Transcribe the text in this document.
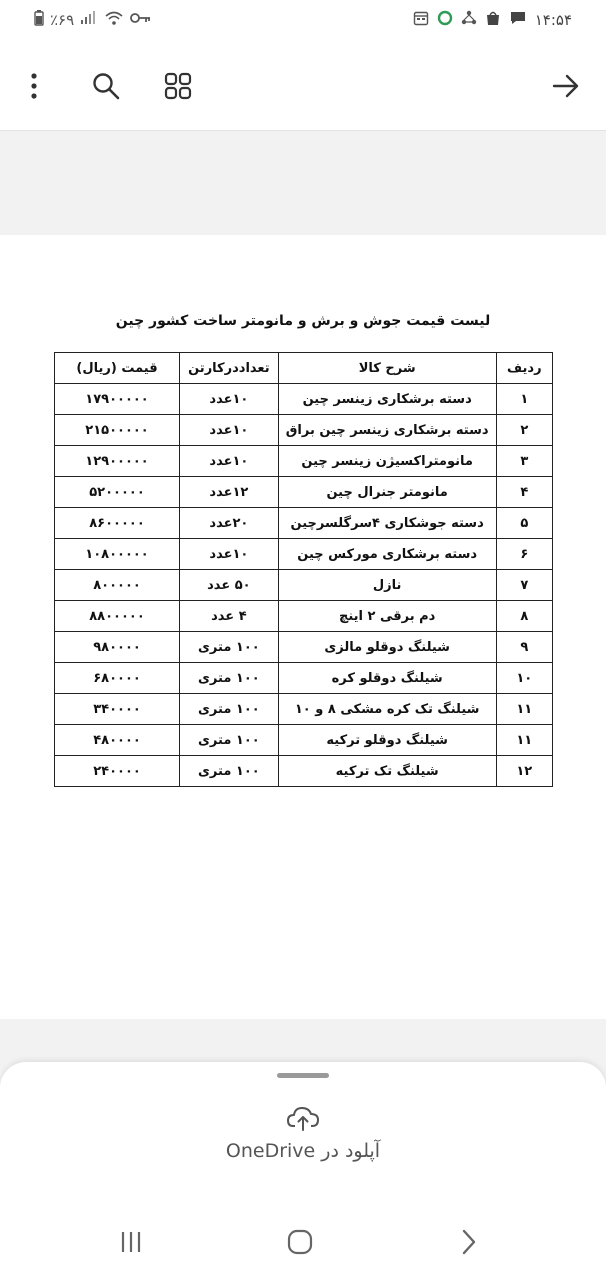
٪۶۹	۱۴:۵۴
لیست قیمت جوش و برش و مانومتر ساخت کشور چین
ردیف	شرح کالا	تعداددرکارتن	قیمت (ریال)
۱	دسته برشکاری زینسر چین	۱۰عدد	۱۷۹۰۰۰۰۰
۲	دسته برشکاری زینسر چین براق	۱۰عدد	۲۱۵۰۰۰۰۰
۳	مانومتراکسیژن زینسر چین	۱۰عدد	۱۲۹۰۰۰۰۰
۴	مانومتر جنرال چین	۱۲عدد	۵۲۰۰۰۰۰
۵	دسته جوشکاری ۴سرگلسرچین	۲۰عدد	۸۶۰۰۰۰۰
۶	دسته برشکاری مورکس چین	۱۰عدد	۱۰۸۰۰۰۰۰
۷	نازل	۵۰ عدد	۸۰۰۰۰۰
۸	دم برقی ۲ اینچ	۴ عدد	۸۸۰۰۰۰۰
۹	شیلنگ دوقلو مالزی	۱۰۰ متری	۹۸۰۰۰۰
۱۰	شیلنگ دوقلو کره	۱۰۰ متری	۶۸۰۰۰۰
۱۱	شیلنگ تک کره مشکی ۸ و ۱۰	۱۰۰ متری	۳۴۰۰۰۰
۱۱	شیلنگ دوقلو ترکیه	۱۰۰ متری	۴۸۰۰۰۰
۱۲	شیلنگ تک ترکیه	۱۰۰ متری	۲۴۰۰۰۰
آپلود در OneDrive
